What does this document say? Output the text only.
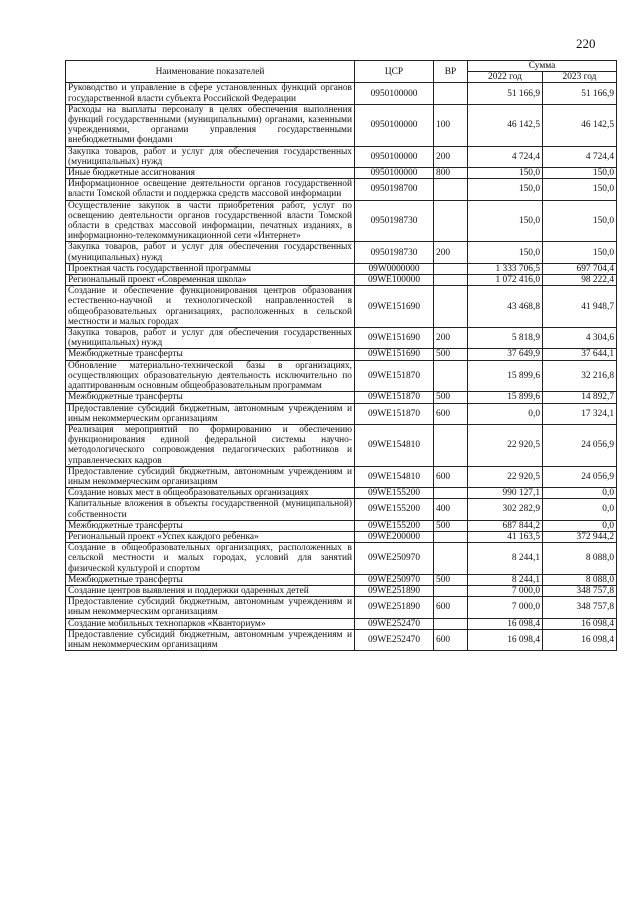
220
Наименование показателей	ЦСР	ВР	Сумма	
			2022 год	2023 год
Руководство и управление в сфере установленных функций органов государственной власти субъекта Российской Федерации	0950100000		51 166,9	51 166,9
Расходы на выплаты персоналу в целях обеспечения выполнения функций государственными (муниципальными) органами, казенными учреждениями, органами управления государственными внебюджетными фондами	0950100000	100	46 142,5	46 142,5
Закупка товаров, работ и услуг для обеспечения государственных (муниципальных) нужд	0950100000	200	4 724,4	4 724,4
Иные бюджетные ассигнования	0950100000	800	150,0	150,0
Информационное освещение деятельности органов государственной власти Томской области и поддержка средств массовой информации	0950198700		150,0	150,0
Осуществление закупок в части приобретения работ, услуг по освещению деятельности органов государственной власти Томской области в средствах массовой информации, печатных изданиях, в информационно-телекоммуникационной сети «Интернет»	0950198730		150,0	150,0
Закупка товаров, работ и услуг для обеспечения государственных (муниципальных) нужд	0950198730	200	150,0	150,0
Проектная часть государственной программы	09W0000000		1 333 706,5	697 704,4
Региональный проект «Современная школа»	09WE100000		1 072 416,0	98 222,4
Создание и обеспечение функционирования центров образования естественно-научной и технологической направленностей в общеобразовательных организациях, расположенных в сельской местности и малых городах	09WE151690		43 468,8	41 948,7
Закупка товаров, работ и услуг для обеспечения государственных (муниципальных) нужд	09WE151690	200	5 818,9	4 304,6
Межбюджетные трансферты	09WE151690	500	37 649,9	37 644,1
Обновление материально-технической базы в организациях, осуществляющих образовательную деятельность исключительно по адаптированным основным общеобразовательным программам	09WE151870		15 899,6	32 216,8
Межбюджетные трансферты	09WE151870	500	15 899,6	14 892,7
Предоставление субсидий бюджетным, автономным учреждениям и иным некоммерческим организациям	09WE151870	600	0,0	17 324,1
Реализация мероприятий по формированию и обеспечению функционирования единой федеральной системы научно-методологического сопровождения педагогических работников и управленческих кадров	09WE154810		22 920,5	24 056,9
Предоставление субсидий бюджетным, автономным учреждениям и иным некоммерческим организациям	09WE154810	600	22 920,5	24 056,9
Создание новых мест в общеобразовательных организациях	09WE155200		990 127,1	0,0
Капитальные вложения в объекты государственной (муниципальной) собственности	09WE155200	400	302 282,9	0,0
Межбюджетные трансферты	09WE155200	500	687 844,2	0,0
Региональный проект «Успех каждого ребенка»	09WE200000		41 163,5	372 944,2
Создание в общеобразовательных организациях, расположенных в сельской местности и малых городах, условий для занятий физической культурой и спортом	09WE250970		8 244,1	8 088,0
Межбюджетные трансферты	09WE250970	500	8 244,1	8 088,0
Создание центров выявления и поддержки одаренных детей	09WE251890		7 000,0	348 757,8
Предоставление субсидий бюджетным, автономным учреждениям и иным некоммерческим организациям	09WE251890	600	7 000,0	348 757,8
Создание мобильных технопарков «Кванториум»	09WE252470		16 098,4	16 098,4
Предоставление субсидий бюджетным, автономным учреждениям и иным некоммерческим организациям	09WE252470	600	16 098,4	16 098,4
